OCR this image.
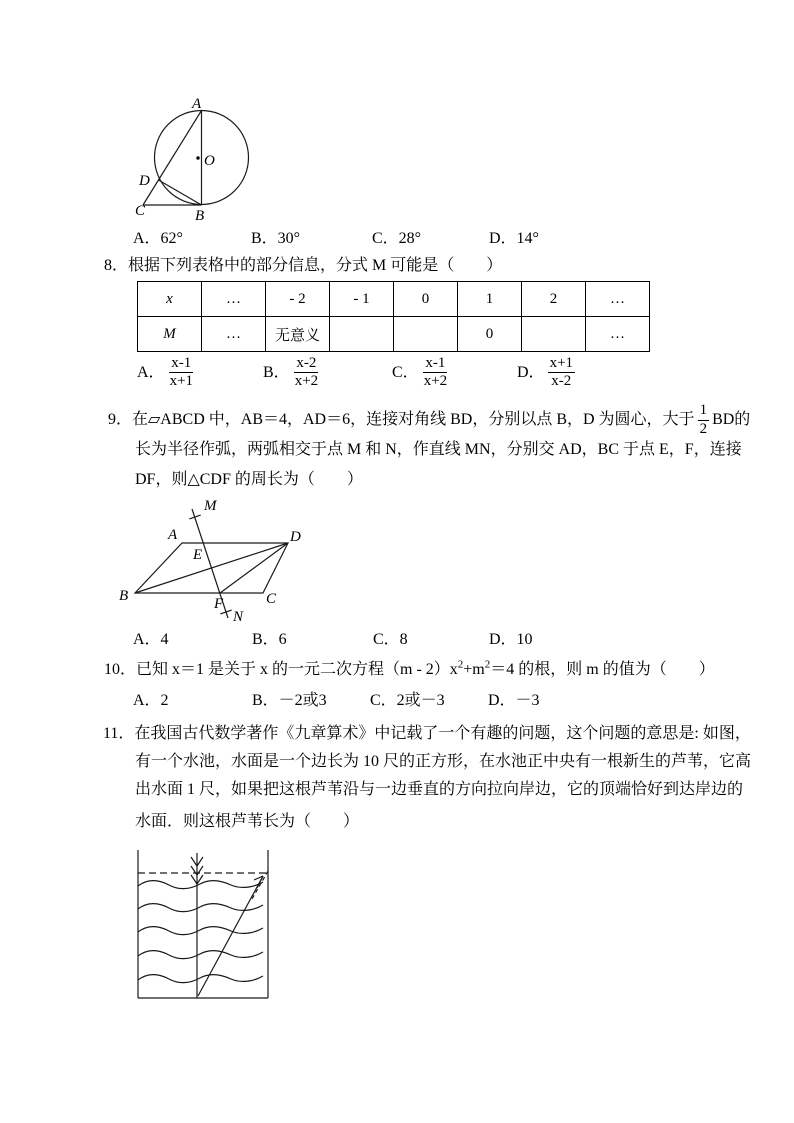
A
O
D
C	B
A．62°	B．30°	C．28°	D．14°
8．根据下列表格中的部分信息，分式 M 可能是（　　）
x	…	- 2	- 1	0	1	2	…
M	…	无意义			0		…
A． $\frac{x-1}{x+1}$	B． $\frac{x-2}{x+2}$	C． $\frac{x-1}{x+2}$	D． $\frac{x+1}{x-2}$
9．在▱ABCD 中，AB＝4，AD＝6，连接对角线 BD，分别以点 B，D 为圆心，大于 $\frac{1}{2}$ BD的
长为半径作弧，两弧相交于点 M 和 N，作直线 MN，分别交 AD，BC 于点 E，F，连接
DF，则△CDF 的周长为（　　）
M
A	D
E
B	F	C
N
A．4	B．6	C．8	D．10
10．已知 x＝1 是关于 x 的一元二次方程$(m - 2)x^2+m^2=4$ 的根，则 m 的值为（　　）
A．2	B．－2或3	C．2或－3	D．－3
11．在我国古代数学著作《九章算术》中记载了一个有趣的问题，这个问题的意思是: 如图，
有一个水池，水面是一个边长为 10 尺的正方形，在水池正中央有一根新生的芦苇，它高
出水面 1 尺，如果把这根芦苇沿与一边垂直的方向拉向岸边，它的顶端恰好到达岸边的
水面．则这根芦苇长为（　　）
